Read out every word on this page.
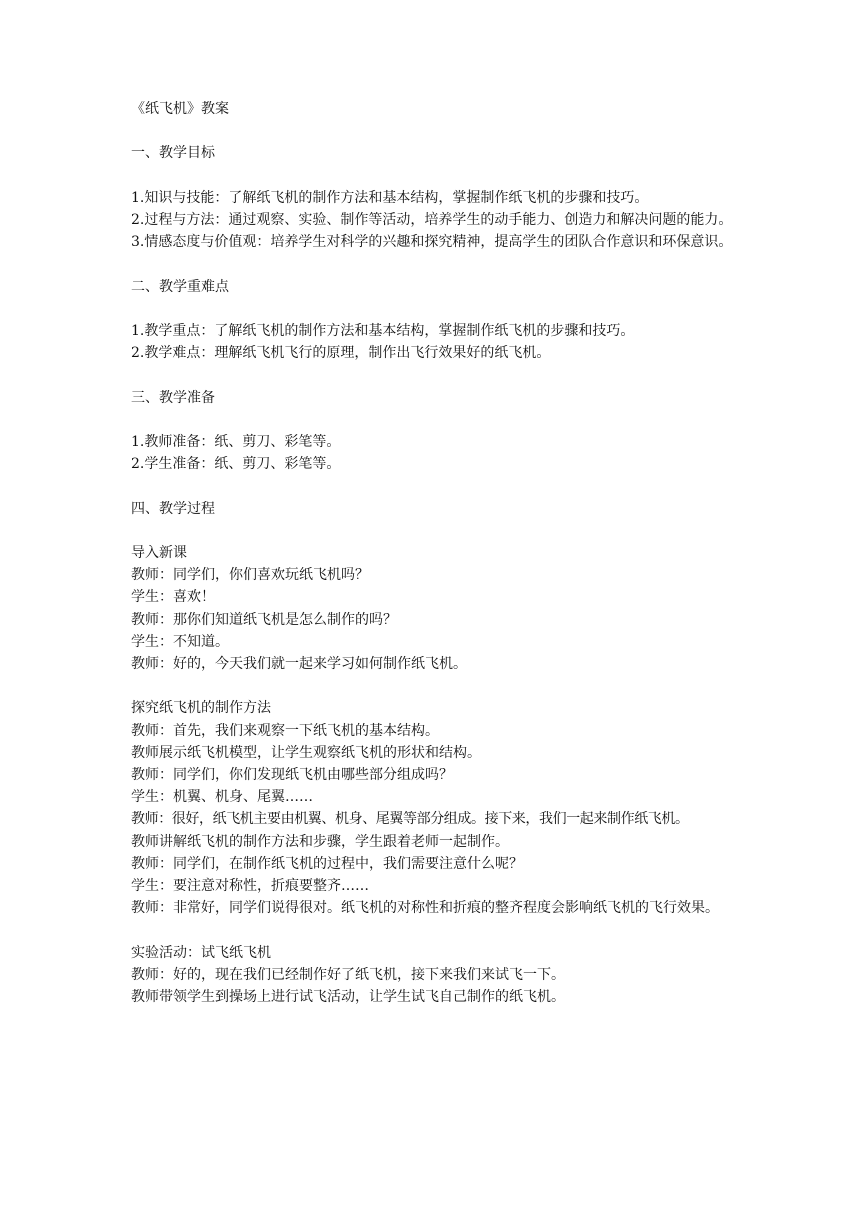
《纸飞机》教案

一、教学目标

1.知识与技能：了解纸飞机的制作方法和基本结构，掌握制作纸飞机的步骤和技巧。

2.过程与方法：通过观察、实验、制作等活动，培养学生的动手能力、创造力和解决问题的能力。

3.情感态度与价值观：培养学生对科学的兴趣和探究精神，提高学生的团队合作意识和环保意识。

二、教学重难点

1.教学重点：了解纸飞机的制作方法和基本结构，掌握制作纸飞机的步骤和技巧。

2.教学难点：理解纸飞机飞行的原理，制作出飞行效果好的纸飞机。

三、教学准备

1.教师准备：纸、剪刀、彩笔等。

2.学生准备：纸、剪刀、彩笔等。

四、教学过程

导入新课

教师：同学们，你们喜欢玩纸飞机吗？

学生：喜欢！

教师：那你们知道纸飞机是怎么制作的吗？

学生：不知道。

教师：好的，今天我们就一起来学习如何制作纸飞机。

探究纸飞机的制作方法

教师：首先，我们来观察一下纸飞机的基本结构。

教师展示纸飞机模型，让学生观察纸飞机的形状和结构。

教师：同学们，你们发现纸飞机由哪些部分组成吗？

学生：机翼、机身、尾翼……

教师：很好，纸飞机主要由机翼、机身、尾翼等部分组成。接下来，我们一起来制作纸飞机。

教师讲解纸飞机的制作方法和步骤，学生跟着老师一起制作。

教师：同学们，在制作纸飞机的过程中，我们需要注意什么呢？

学生：要注意对称性，折痕要整齐……

教师：非常好，同学们说得很对。纸飞机的对称性和折痕的整齐程度会影响纸飞机的飞行效果。

实验活动：试飞纸飞机

教师：好的，现在我们已经制作好了纸飞机，接下来我们来试飞一下。

教师带领学生到操场上进行试飞活动，让学生试飞自己制作的纸飞机。
